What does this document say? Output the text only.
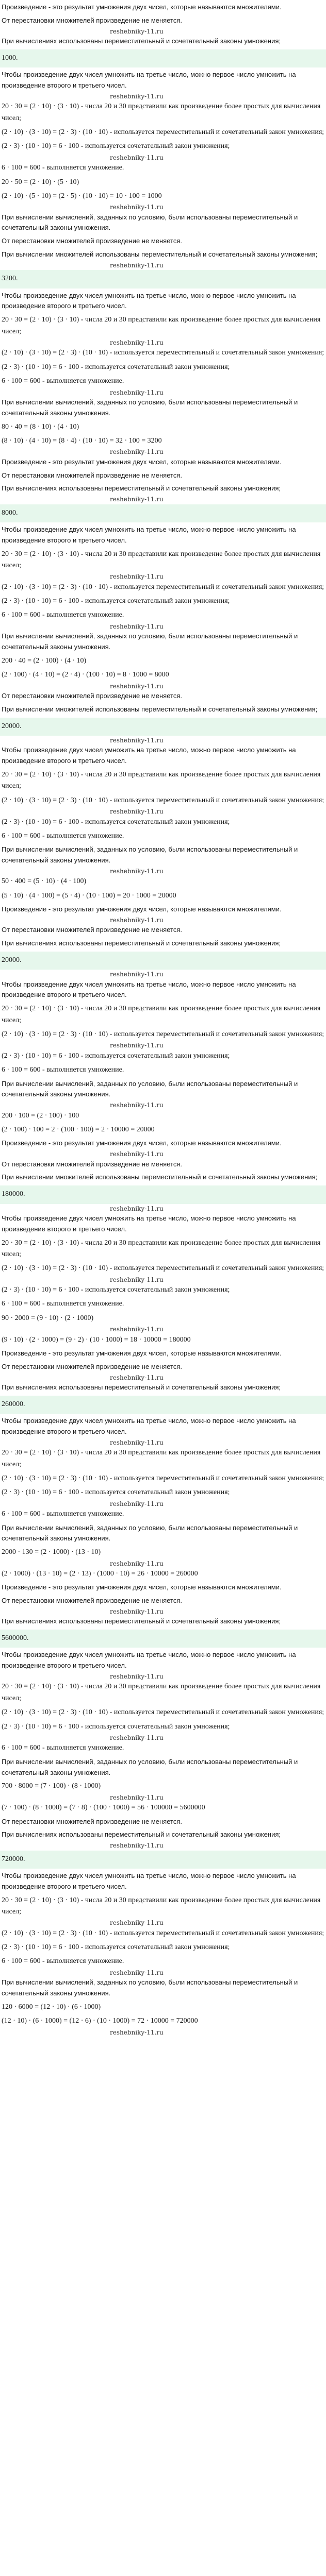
Произведение - это результат умножения двух чисел, которые называются множителями.
От перестановки множителей произведение не меняется.
reshebniky-11.ru
При вычислениях использованы переместительный и сочетательный законы умножения;
1000.
Чтобы произведение двух чисел умножить на третье число, можно первое число умножить на произведение второго и третьего чисел.
reshebniky-11.ru
20 · 30 = (2 · 10) · (3 · 10) - числа 20 и 30 представили как произведение более простых для вычисления чисел;
(2 · 10) · (3 · 10) = (2 · 3) · (10 · 10) - используется переместительный и сочетательный закон умножения;
(2 · 3) · (10 · 10) = 6 · 100 - используется сочетательный закон умножения;
reshebniky-11.ru
6 · 100 = 600 - выполняется умножение.
20 · 50 = (2 · 10) · (5 · 10)
(2 · 10) · (5 · 10) = (2 · 5) · (10 · 10) = 10 · 100 = 1000
reshebniky-11.ru
При вычислении вычислений, заданных по условию, были использованы переместительный и сочетательный законы умножения.
От перестановки множителей произведение не меняется.
При вычислении множителей использованы переместительный и сочетательный законы умножения;
reshebniky-11.ru
3200.
Чтобы произведение двух чисел умножить на третье число, можно первое число умножить на произведение второго и третьего чисел.
20 · 30 = (2 · 10) · (3 · 10) - числа 20 и 30 представили как произведение более простых для вычисления чисел;
reshebniky-11.ru
(2 · 10) · (3 · 10) = (2 · 3) · (10 · 10) - используется переместительный и сочетательный закон умножения;
(2 · 3) · (10 · 10) = 6 · 100 - используется сочетательный закон умножения;
6 · 100 = 600 - выполняется умножение.
reshebniky-11.ru
При вычислении вычислений, заданных по условию, были использованы переместительный и сочетательный законы умножения.
80 · 40 = (8 · 10) · (4 · 10)
(8 · 10) · (4 · 10) = (8 · 4) · (10 · 10) = 32 · 100 = 3200
reshebniky-11.ru
Произведение - это результат умножения двух чисел, которые называются множителями.
От перестановки множителей произведение не меняется.
При вычислениях использованы переместительный и сочетательный законы умножения;
reshebniky-11.ru
8000.
Чтобы произведение двух чисел умножить на третье число, можно первое число умножить на произведение второго и третьего чисел.
20 · 30 = (2 · 10) · (3 · 10) - числа 20 и 30 представили как произведение более простых для вычисления чисел;
reshebniky-11.ru
(2 · 10) · (3 · 10) = (2 · 3) · (10 · 10) - используется переместительный и сочетательный закон умножения;
(2 · 3) · (10 · 10) = 6 · 100 - используется сочетательный закон умножения;
6 · 100 = 600 - выполняется умножение.
reshebniky-11.ru
При вычислении вычислений, заданных по условию, были использованы переместительный и сочетательный законы умножения.
200 · 40 = (2 · 100) · (4 · 10)
(2 · 100) · (4 · 10) = (2 · 4) · (100 · 10) = 8 · 1000 = 8000
reshebniky-11.ru
От перестановки множителей произведение не меняется.
При вычислении множителей использованы переместительный и сочетательный законы умножения;
20000.
reshebniky-11.ru
Чтобы произведение двух чисел умножить на третье число, можно первое число умножить на произведение второго и третьего чисел.
20 · 30 = (2 · 10) · (3 · 10) - числа 20 и 30 представили как произведение более простых для вычисления чисел;
(2 · 10) · (3 · 10) = (2 · 3) · (10 · 10) - используется переместительный и сочетательный закон умножения;
reshebniky-11.ru
(2 · 3) · (10 · 10) = 6 · 100 - используется сочетательный закон умножения;
6 · 100 = 600 - выполняется умножение.
При вычислении вычислений, заданных по условию, были использованы переместительный и сочетательный законы умножения.
reshebniky-11.ru
50 · 400 = (5 · 10) · (4 · 100)
(5 · 10) · (4 · 100) = (5 · 4) · (10 · 100) = 20 · 1000 = 20000
Произведение - это результат умножения двух чисел, которые называются множителями.
reshebniky-11.ru
От перестановки множителей произведение не меняется.
При вычислениях использованы переместительный и сочетательный законы умножения;
20000.
reshebniky-11.ru
Чтобы произведение двух чисел умножить на третье число, можно первое число умножить на произведение второго и третьего чисел.
20 · 30 = (2 · 10) · (3 · 10) - числа 20 и 30 представили как произведение более простых для вычисления чисел;
(2 · 10) · (3 · 10) = (2 · 3) · (10 · 10) - используется переместительный и сочетательный закон умножения;
reshebniky-11.ru
(2 · 3) · (10 · 10) = 6 · 100 - используется сочетательный закон умножения;
6 · 100 = 600 - выполняется умножение.
При вычислении вычислений, заданных по условию, были использованы переместительный и сочетательный законы умножения.
reshebniky-11.ru
200 · 100 = (2 · 100) · 100
(2 · 100) · 100 = 2 · (100 · 100) = 2 · 10000 = 20000
Произведение - это результат умножения двух чисел, которые называются множителями.
reshebniky-11.ru
От перестановки множителей произведение не меняется.
При вычислении множителей использованы переместительный и сочетательный законы умножения;
180000.
reshebniky-11.ru
Чтобы произведение двух чисел умножить на третье число, можно первое число умножить на произведение второго и третьего чисел.
20 · 30 = (2 · 10) · (3 · 10) - числа 20 и 30 представили как произведение более простых для вычисления чисел;
(2 · 10) · (3 · 10) = (2 · 3) · (10 · 10) - используется переместительный и сочетательный закон умножения;
reshebniky-11.ru
(2 · 3) · (10 · 10) = 6 · 100 - используется сочетательный закон умножения;
6 · 100 = 600 - выполняется умножение.
90 · 2000 = (9 · 10) · (2 · 1000)
reshebniky-11.ru
(9 · 10) · (2 · 1000) = (9 · 2) · (10 · 1000) = 18 · 10000 = 180000
Произведение - это результат умножения двух чисел, которые называются множителями.
От перестановки множителей произведение не меняется.
reshebniky-11.ru
При вычислениях использованы переместительный и сочетательный законы умножения;
260000.
Чтобы произведение двух чисел умножить на третье число, можно первое число умножить на произведение второго и третьего чисел.
reshebniky-11.ru
20 · 30 = (2 · 10) · (3 · 10) - числа 20 и 30 представили как произведение более простых для вычисления чисел;
(2 · 10) · (3 · 10) = (2 · 3) · (10 · 10) - используется переместительный и сочетательный закон умножения;
(2 · 3) · (10 · 10) = 6 · 100 - используется сочетательный закон умножения;
reshebniky-11.ru
6 · 100 = 600 - выполняется умножение.
При вычислении вычислений, заданных по условию, были использованы переместительный и сочетательный законы умножения.
2000 · 130 = (2 · 1000) · (13 · 10)
reshebniky-11.ru
(2 · 1000) · (13 · 10) = (2 · 13) · (1000 · 10) = 26 · 10000 = 260000
Произведение - это результат умножения двух чисел, которые называются множителями.
От перестановки множителей произведение не меняется.
reshebniky-11.ru
При вычислениях использованы переместительный и сочетательный законы умножения;
5600000.
Чтобы произведение двух чисел умножить на третье число, можно первое число умножить на произведение второго и третьего чисел.
reshebniky-11.ru
20 · 30 = (2 · 10) · (3 · 10) - числа 20 и 30 представили как произведение более простых для вычисления чисел;
(2 · 10) · (3 · 10) = (2 · 3) · (10 · 10) - используется переместительный и сочетательный закон умножения;
(2 · 3) · (10 · 10) = 6 · 100 - используется сочетательный закон умножения;
reshebniky-11.ru
6 · 100 = 600 - выполняется умножение.
При вычислении вычислений, заданных по условию, были использованы переместительный и сочетательный законы умножения.
700 · 8000 = (7 · 100) · (8 · 1000)
reshebniky-11.ru
(7 · 100) · (8 · 1000) = (7 · 8) · (100 · 1000) = 56 · 100000 = 5600000
От перестановки множителей произведение не меняется.
При вычислениях использованы переместительный и сочетательный законы умножения;
reshebniky-11.ru
720000.
Чтобы произведение двух чисел умножить на третье число, можно первое число умножить на произведение второго и третьего чисел.
20 · 30 = (2 · 10) · (3 · 10) - числа 20 и 30 представили как произведение более простых для вычисления чисел;
reshebniky-11.ru
(2 · 10) · (3 · 10) = (2 · 3) · (10 · 10) - используется переместительный и сочетательный закон умножения;
(2 · 3) · (10 · 10) = 6 · 100 - используется сочетательный закон умножения;
6 · 100 = 600 - выполняется умножение.
reshebniky-11.ru
При вычислении вычислений, заданных по условию, были использованы переместительный и сочетательный законы умножения.
120 · 6000 = (12 · 10) · (6 · 1000)
(12 · 10) · (6 · 1000) = (12 · 6) · (10 · 1000) = 72 · 10000 = 720000
reshebniky-11.ru
